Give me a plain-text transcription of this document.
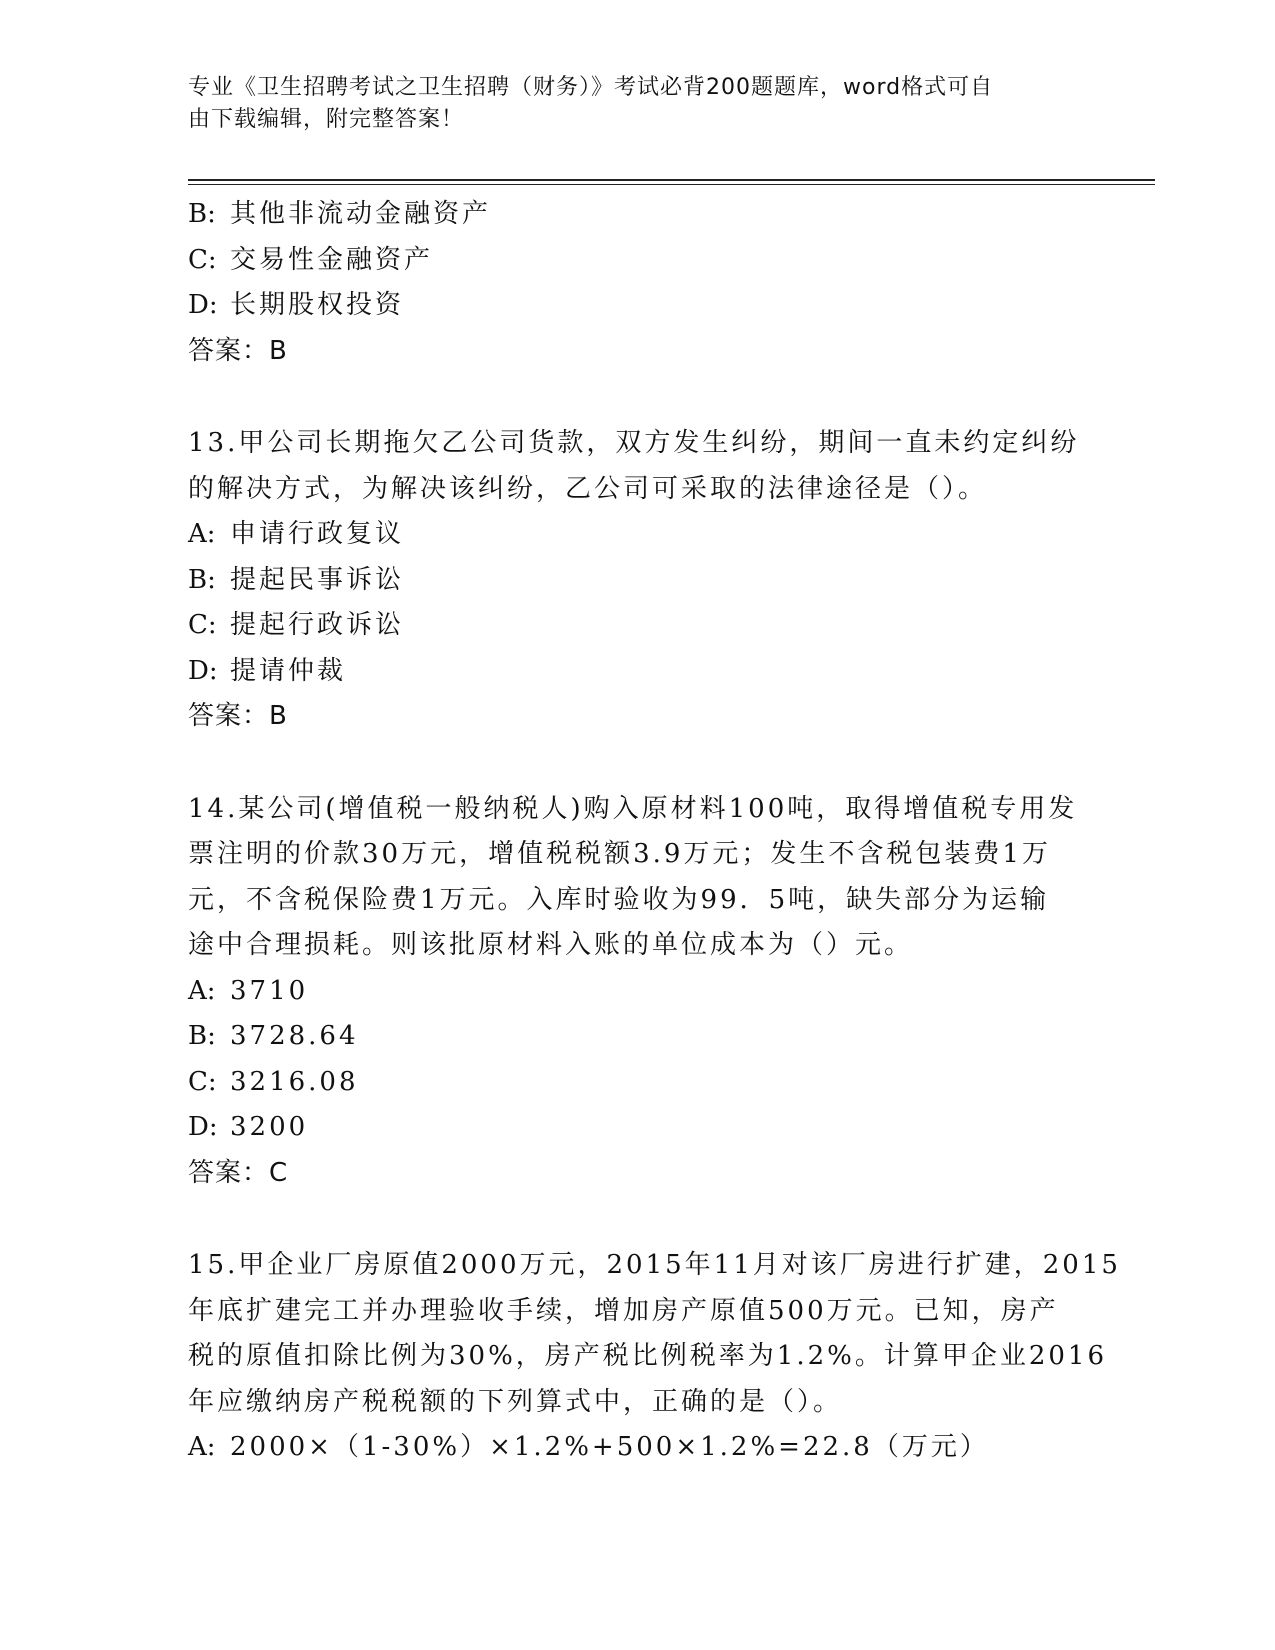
专业《卫生招聘考试之卫生招聘（财务）》考试必背200题题库，word格式可自
由下载编辑，附完整答案！
B: 其他非流动金融资产
C: 交易性金融资产
D: 长期股权投资
答案：B
13.甲公司长期拖欠乙公司货款，双方发生纠纷，期间一直未约定纠纷
的解决方式，为解决该纠纷，乙公司可采取的法律途径是（）。
A: 申请行政复议
B: 提起民事诉讼
C: 提起行政诉讼
D: 提请仲裁
答案：B
14.某公司(增值税一般纳税人)购入原材料100吨，取得增值税专用发
票注明的价款30万元，增值税税额3.9万元；发生不含税包装费1万
元，不含税保险费1万元。入库时验收为99．5吨，缺失部分为运输
途中合理损耗。则该批原材料入账的单位成本为（）元。
A: 3710
B: 3728.64
C: 3216.08
D: 3200
答案：C
15.甲企业厂房原值2000万元，2015年11月对该厂房进行扩建，2015
年底扩建完工并办理验收手续，增加房产原值500万元。已知，房产
税的原值扣除比例为30%，房产税比例税率为1.2%。计算甲企业2016
年应缴纳房产税税额的下列算式中，正确的是（）。
A: 2000×（1-30%）×1.2%+500×1.2%=22.8（万元）
